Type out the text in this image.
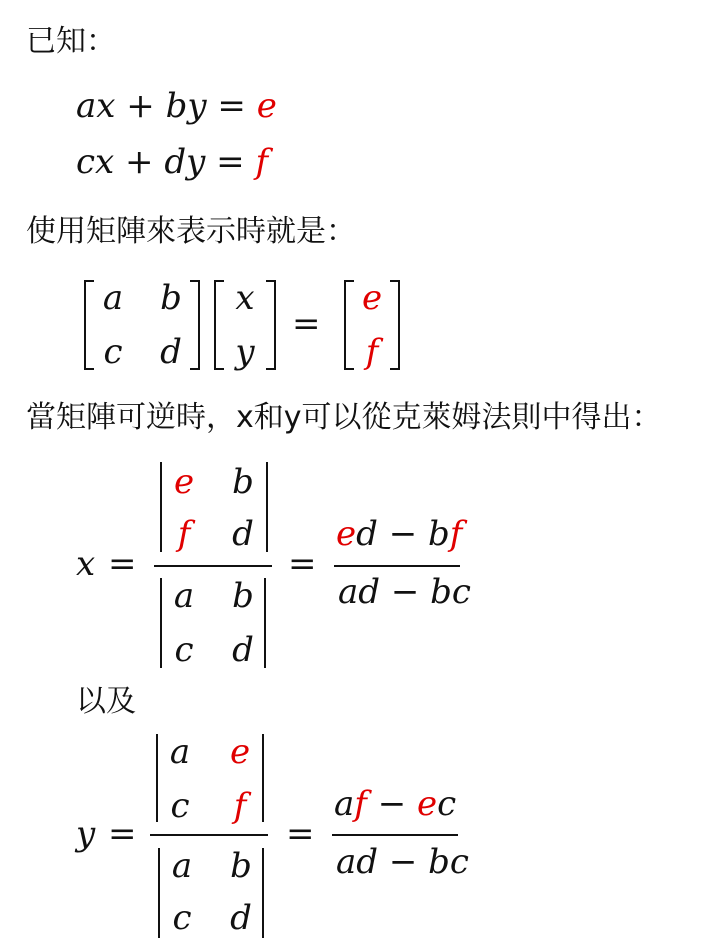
已知：
ax + by = e
cx + dy = f
使用矩陣來表示時就是：
a b
c	d
x
y
=
e
f
當矩陣可逆時，x和y可以從克萊姆法則中得出：
x =
e b
f	d
a b
c	d
=
ed − bf
ad − bc
以及
y =
a e
c	f
a b
c	d
=
af − ec
ad − bc
